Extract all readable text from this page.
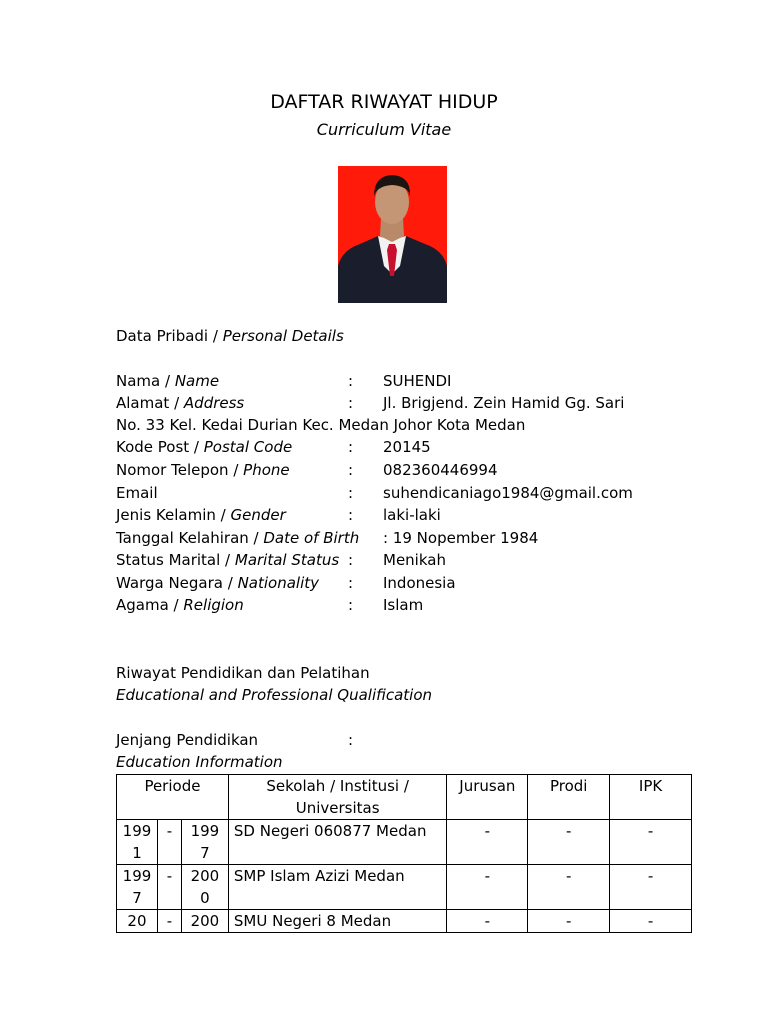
DAFTAR RIWAYAT HIDUP
Curriculum Vitae
Data Pribadi / Personal Details
Nama / Name	: SUHENDI
Alamat / Address	: Jl. Brigjend. Zein Hamid Gg. Sari
No. 33 Kel. Kedai Durian Kec. Medan Johor Kota Medan
Kode Post / Postal Code	: 20145
Nomor Telepon / Phone	: 082360446994
Email	: suhendicaniago1984@gmail.com
Jenis Kelamin / Gender	: laki-laki
Tanggal Kelahiran / Date of Birth : 19 Nopember 1984
Status Marital / Marital Status : Menikah
Warga Negara / Nationality : Indonesia
Agama / Religion	: Islam
Riwayat Pendidikan dan Pelatihan
Educational and Professional Qualification
Jenjang Pendidikan	:
Education Information
Periode			Sekolah / Institusi / Universitas	Jurusan	Prodi	IPK
1991	-	1997	SD Negeri 060877 Medan	-	-	-
1997	-	2000	SMP Islam Azizi Medan	-	-	-
20	-	200	SMU Negeri 8 Medan	-	-	-
